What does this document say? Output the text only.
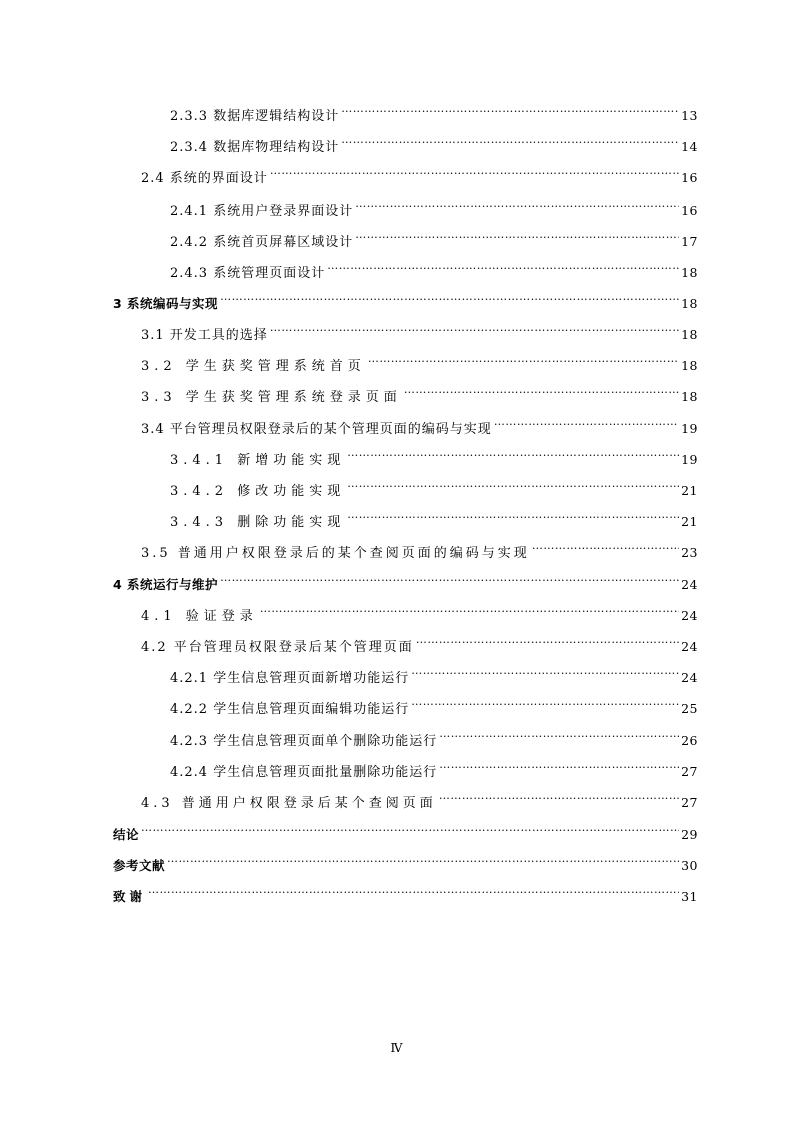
2.3.3 数据库逻辑结构设计 …………………………………………………………………………………………………………………………………………………………………………	13
2.3.4 数据库物理结构设计 …………………………………………………………………………………………………………………………………………………………………………	14
2.4 系统的界面设计 …………………………………………………………………………………………………………………………………………………………………………	16
2.4.1 系统用户登录界面设计 …………………………………………………………………………………………………………………………………………………………………………	16
2.4.2 系统首页屏幕区域设计 …………………………………………………………………………………………………………………………………………………………………………	17
2.4.3 系统管理页面设计 …………………………………………………………………………………………………………………………………………………………………………	18
3 系统编码与实现 …………………………………………………………………………………………………………………………………………………………………………	18
3.1 开发工具的选择 …………………………………………………………………………………………………………………………………………………………………………	18
3.2 学生获奖管理系统首页 …………………………………………………………………………………………………………………………………………………………………………	18
3.3 学生获奖管理系统登录页面 …………………………………………………………………………………………………………………………………………………………………………	18
3.4 平台管理员权限登录后的某个管理页面的编码与实现 …………………………………………………………………………………………………………………………………………………………………………	19
3.4.1 新增功能实现 …………………………………………………………………………………………………………………………………………………………………………	19
3.4.2 修改功能实现 …………………………………………………………………………………………………………………………………………………………………………	21
3.4.3 删除功能实现 …………………………………………………………………………………………………………………………………………………………………………	21
3.5 普通用户权限登录后的某个查阅页面的编码与实现 …………………………………………………………………………………………………………………………………………………………………………	23
4 系统运行与维护 …………………………………………………………………………………………………………………………………………………………………………	24
4.1 验证登录 …………………………………………………………………………………………………………………………………………………………………………	24
4.2 平台管理员权限登录后某个管理页面 …………………………………………………………………………………………………………………………………………………………………………	24
4.2.1 学生信息管理页面新增功能运行 …………………………………………………………………………………………………………………………………………………………………………	24
4.2.2 学生信息管理页面编辑功能运行 …………………………………………………………………………………………………………………………………………………………………………	25
4.2.3 学生信息管理页面单个删除功能运行 …………………………………………………………………………………………………………………………………………………………………………	26
4.2.4 学生信息管理页面批量删除功能运行 …………………………………………………………………………………………………………………………………………………………………………	27
4.3 普通用户权限登录后某个查阅页面 …………………………………………………………………………………………………………………………………………………………………………	27
结论 …………………………………………………………………………………………………………………………………………………………………………	29
参考文献 …………………………………………………………………………………………………………………………………………………………………………	30
致谢 …………………………………………………………………………………………………………………………………………………………………………	31
Ⅳ
